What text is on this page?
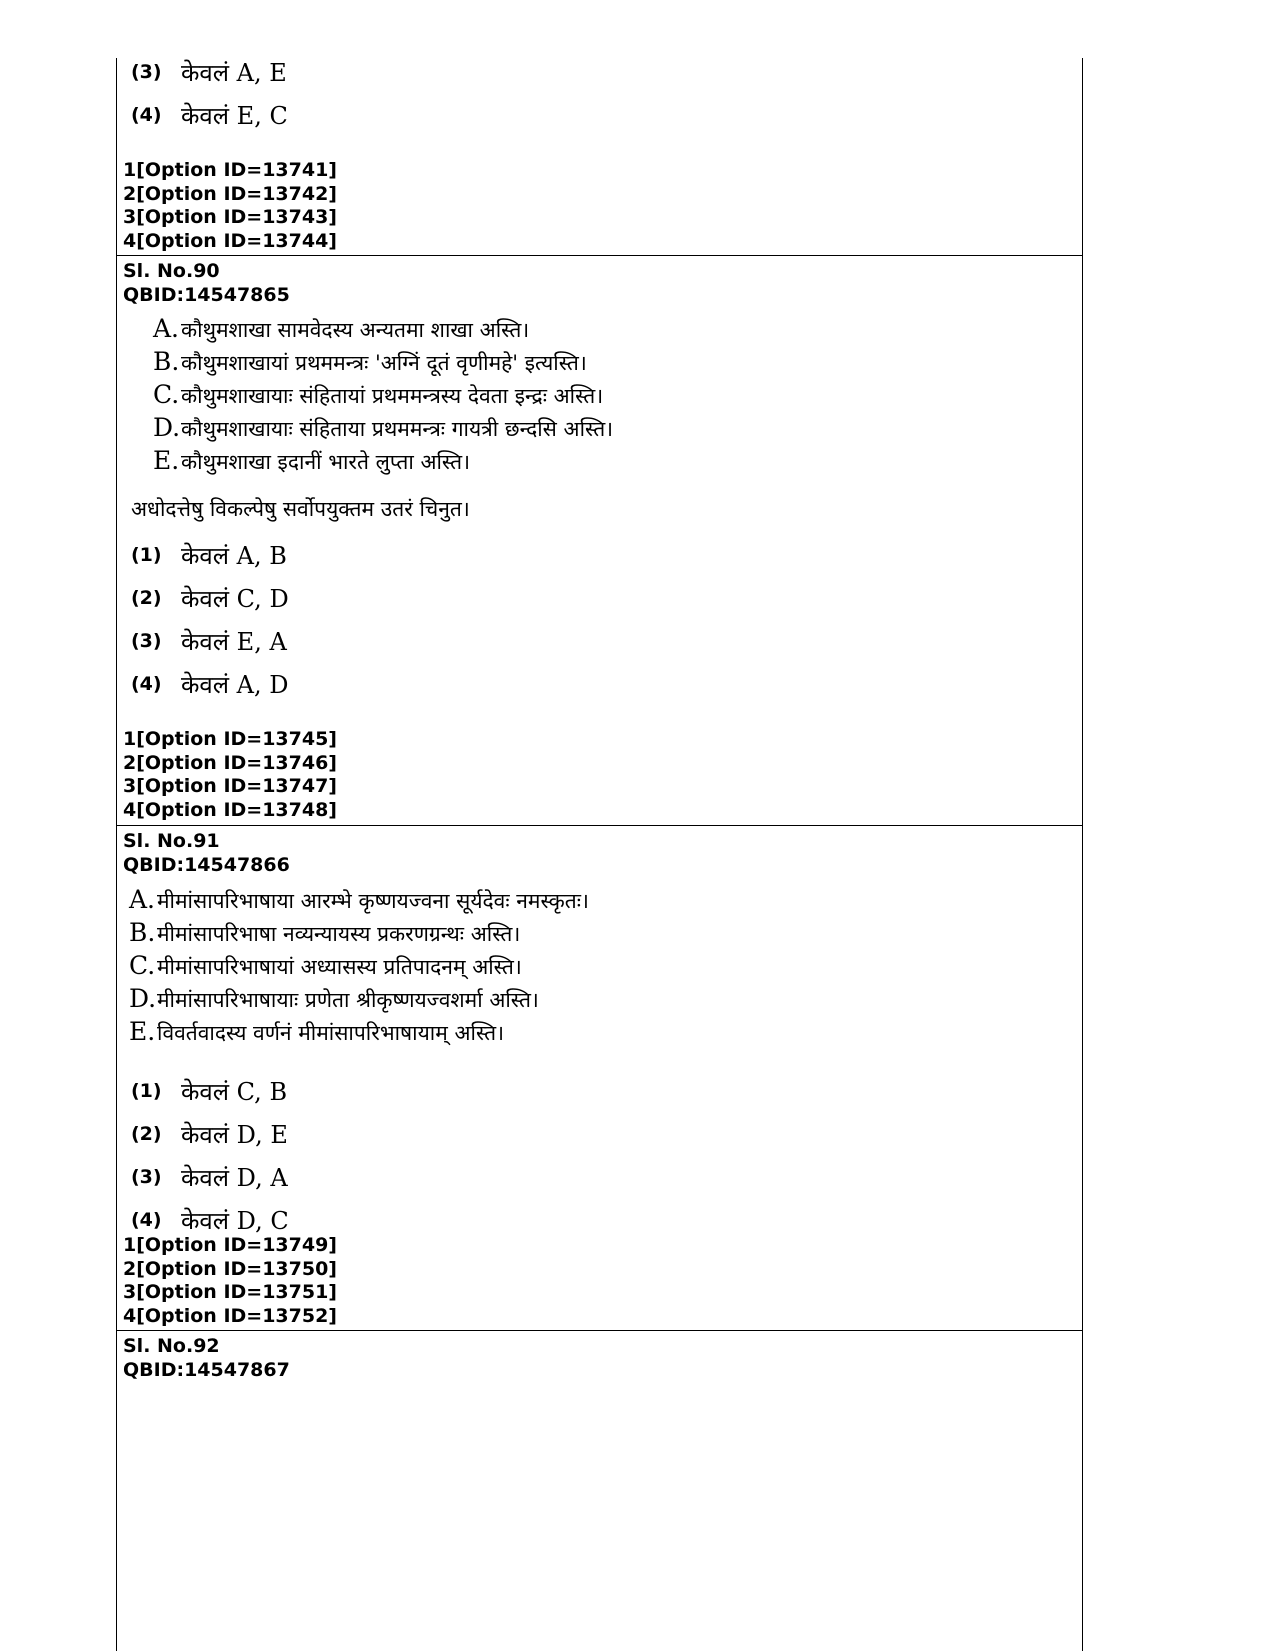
(3) केवलं A, E
(4) केवलं E, C
1[Option ID=13741]
2[Option ID=13742]
3[Option ID=13743]
4[Option ID=13744]
Sl. No.90
QBID:14547865
A.कौथुमशाखा सामवेदस्य अन्यतमा शाखा अस्ति।
B.कौथुमशाखायां प्रथममन्त्रः 'अग्निं दूतं वृणीमहे' इत्यस्ति।
C.कौथुमशाखायाः संहितायां प्रथममन्त्रस्य देवता इन्द्रः अस्ति।
D.कौथुमशाखायाः संहिताया प्रथममन्त्रः गायत्री छन्दसि अस्ति।
E.कौथुमशाखा इदानीं भारते लुप्ता अस्ति।
अधोदत्तेषु विकल्पेषु सर्वोपयुक्तम उतरं चिनुत।
(1) केवलं A, B
(2) केवलं C, D
(3) केवलं E, A
(4) केवलं A, D
1[Option ID=13745]
2[Option ID=13746]
3[Option ID=13747]
4[Option ID=13748]
Sl. No.91
QBID:14547866
A.मीमांसापरिभाषाया आरम्भे कृष्णयज्वना सूर्यदेवः नमस्कृतः।
B.मीमांसापरिभाषा नव्यन्यायस्य प्रकरणग्रन्थः अस्ति।
C.मीमांसापरिभाषायां अध्यासस्य प्रतिपादनम् अस्ति।
D.मीमांसापरिभाषायाः प्रणेता श्रीकृष्णयज्वशर्मा अस्ति।
E.विवर्तवादस्य वर्णनं मीमांसापरिभाषायाम् अस्ति।
(1) केवलं C, B
(2) केवलं D, E
(3) केवलं D, A
(4) केवलं D, C
1[Option ID=13749]
2[Option ID=13750]
3[Option ID=13751]
4[Option ID=13752]
Sl. No.92
QBID:14547867
